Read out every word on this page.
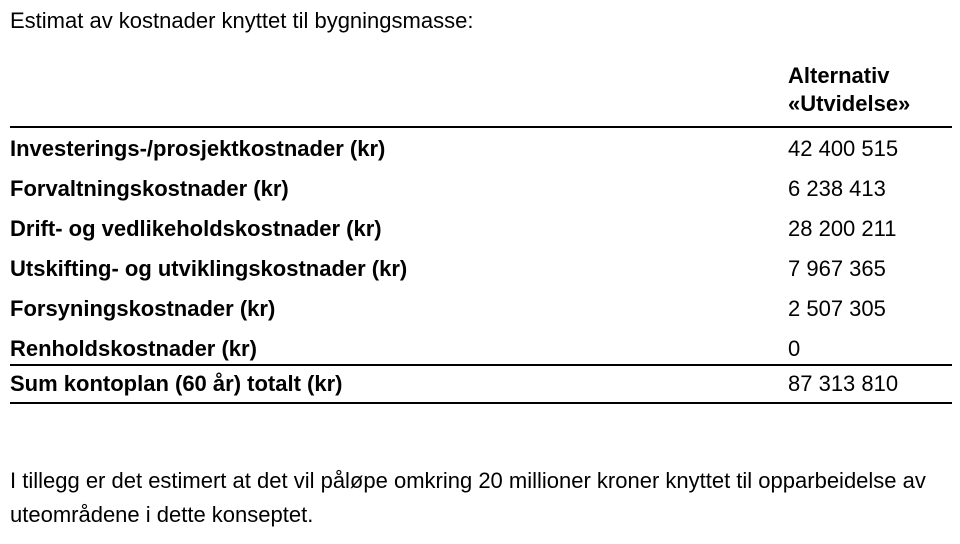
Estimat av kostnader knyttet til bygningsmasse:
Alternativ
«Utvidelse»
Investerings-/prosjektkostnader (kr)	42 400 515
Forvaltningskostnader (kr)	6 238 413
Drift- og vedlikeholdskostnader (kr)	28 200 211
Utskifting- og utviklingskostnader (kr)	7 967 365
Forsyningskostnader (kr)	2 507 305
Renholdskostnader (kr)	0
Sum kontoplan (60 år) totalt (kr)	87 313 810
I tillegg er det estimert at det vil påløpe omkring 20 millioner kroner knyttet til opparbeidelse av uteområdene i dette konseptet.
